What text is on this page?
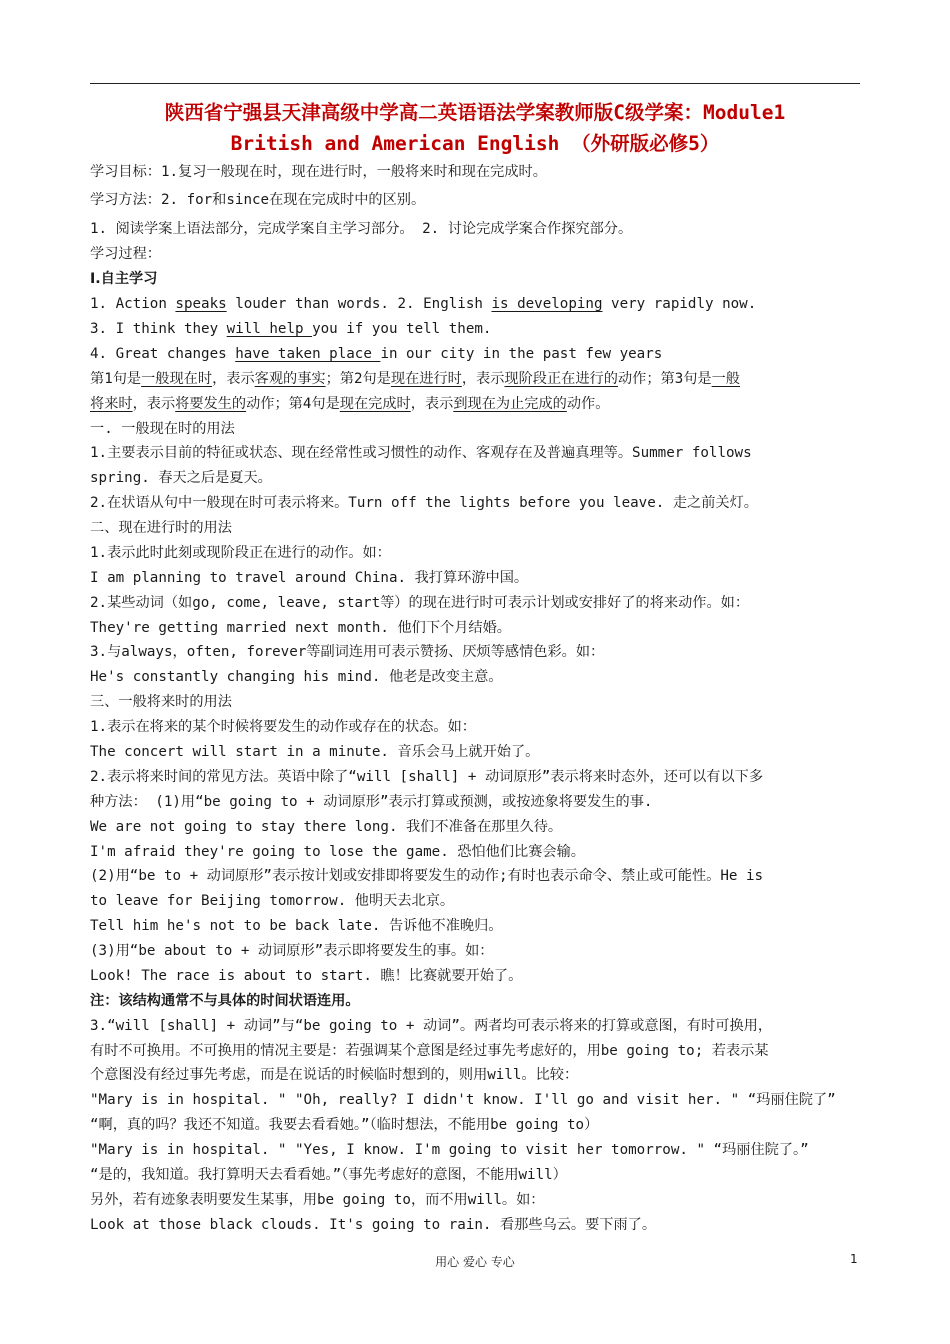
陕西省宁强县天津高级中学高二英语语法学案教师版C级学案：Module1
British and American English （外研版必修5）
学习目标：1.复习一般现在时，现在进行时，一般将来时和现在完成时。
学习方法：2. for和since在现在完成时中的区别。
1. 阅读学案上语法部分，完成学案自主学习部分。 2. 讨论完成学案合作探究部分。
学习过程：
Ⅰ.自主学习
1. Action speaks louder than words. 2. English is developing very rapidly now.
3. I think they will help you if you tell them.
4. Great changes have taken place in our city in the past few years
第1句是一般现在时，表示客观的事实；第2句是现在进行时，表示现阶段正在进行的动作；第3句是一般
将来时，表示将要发生的动作；第4句是现在完成时，表示到现在为止完成的动作。
一. 一般现在时的用法
1.主要表示目前的特征或状态、现在经常性或习惯性的动作、客观存在及普遍真理等。Summer follows
spring. 春天之后是夏天。
2.在状语从句中一般现在时可表示将来。Turn off the lights before you leave. 走之前关灯。
二、现在进行时的用法
1.表示此时此刻或现阶段正在进行的动作。如：
I am planning to travel around China. 我打算环游中国。
2.某些动词（如go, come, leave, start等）的现在进行时可表示计划或安排好了的将来动作。如：
They're getting married next month. 他们下个月结婚。
3.与always，often, forever等副词连用可表示赞扬、厌烦等感情色彩。如：
He's constantly changing his mind. 他老是改变主意。
三、一般将来时的用法
1.表示在将来的某个时候将要发生的动作或存在的状态。如：
The concert will start in a minute. 音乐会马上就开始了。
2.表示将来时间的常见方法。英语中除了“will [shall] + 动词原形”表示将来时态外，还可以有以下多
种方法： (1)用“be going to + 动词原形”表示打算或预测，或按迹象将要发生的事.
We are not going to stay there long. 我们不准备在那里久待。
I'm afraid they're going to lose the game. 恐怕他们比赛会输。
(2)用“be to + 动词原形”表示按计划或安排即将要发生的动作;有时也表示命令、禁止或可能性。He is
to leave for Beijing tomorrow. 他明天去北京。
Tell him he's not to be back late. 告诉他不准晚归。
(3)用“be about to + 动词原形”表示即将要发生的事。如：
Look! The race is about to start. 瞧！比赛就要开始了。
注：该结构通常不与具体的时间状语连用。
3.“will [shall] + 动词”与“be going to + 动词”。两者均可表示将来的打算或意图，有时可换用，
有时不可换用。不可换用的情况主要是：若强调某个意图是经过事先考虑好的，用be going to; 若表示某
个意图没有经过事先考虑，而是在说话的时候临时想到的，则用will。比较：
"Mary is in hospital. " "Oh, really? I didn't know. I'll go and visit her. " “玛丽住院了”
“啊，真的吗？我还不知道。我要去看看她。”（临时想法，不能用be going to）
"Mary is in hospital. " "Yes, I know. I'm going to visit her tomorrow. " “玛丽住院了。”
“是的，我知道。我打算明天去看看她。”（事先考虑好的意图，不能用will）
另外，若有迹象表明要发生某事，用be going to，而不用will。如：
Look at those black clouds. It's going to rain. 看那些乌云。要下雨了。
用心 爱心 专心	1
